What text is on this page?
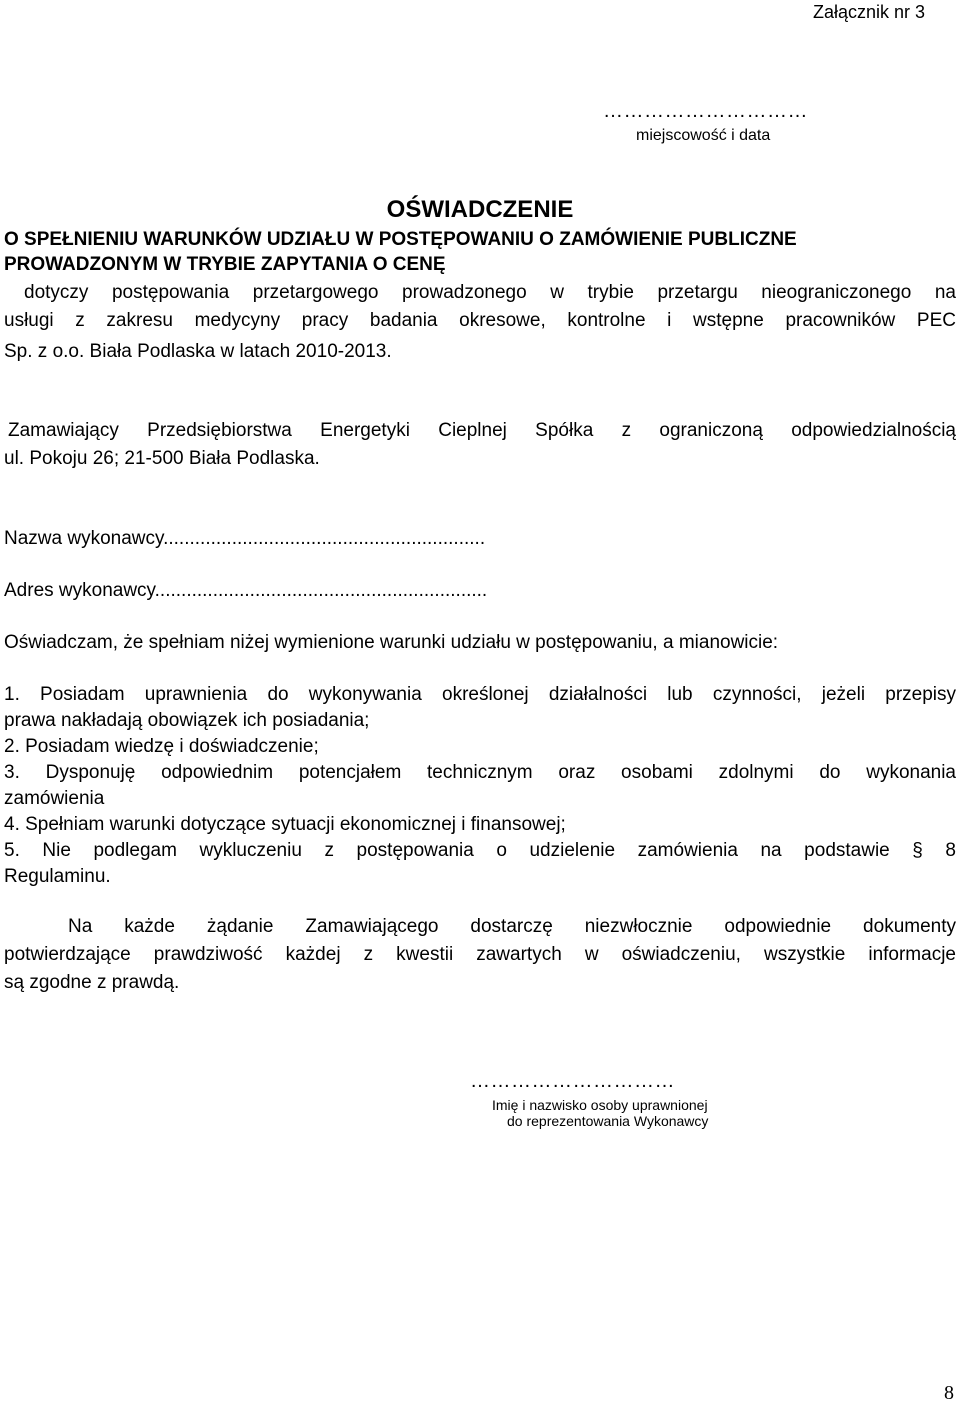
Załącznik nr 3
…………………………
miejscowość i data
OŚWIADCZENIE
O SPEŁNIENIU WARUNKÓW UDZIAŁU W POSTĘPOWANIU O ZAMÓWIENIE PUBLICZNE
PROWADZONYM W TRYBIE ZAPYTANIA O CENĘ
dotyczy postępowania przetargowego prowadzonego w trybie przetargu nieograniczonego na
usługi z zakresu medycyny pracy badania okresowe, kontrolne i wstępne pracowników PEC
Sp. z o.o. Biała Podlaska w latach 2010-2013.
Zamawiający Przedsiębiorstwa Energetyki Cieplnej Spółka z ograniczoną odpowiedzialnością
ul. Pokoju 26; 21-500 Biała Podlaska.
Nazwa wykonawcy.............................................................
Adres wykonawcy...............................................................
Oświadczam, że spełniam niżej wymienione warunki udziału w postępowaniu, a mianowicie:
1. Posiadam uprawnienia do wykonywania określonej działalności lub czynności, jeżeli przepisy
prawa nakładają obowiązek ich posiadania;
2. Posiadam wiedzę i doświadczenie;
3. Dysponuję odpowiednim potencjałem technicznym oraz osobami zdolnymi do wykonania
zamówienia
4. Spełniam warunki dotyczące sytuacji ekonomicznej i finansowej;
5. Nie podlegam wykluczeniu z postępowania o udzielenie zamówienia na podstawie § 8
Regulaminu.
Na każde żądanie Zamawiającego dostarczę niezwłocznie odpowiednie dokumenty
potwierdzające prawdziwość każdej z kwestii zawartych w oświadczeniu, wszystkie informacje
są zgodne z prawdą.
…………………………
Imię i nazwisko osoby uprawnionej
do reprezentowania Wykonawcy
8
